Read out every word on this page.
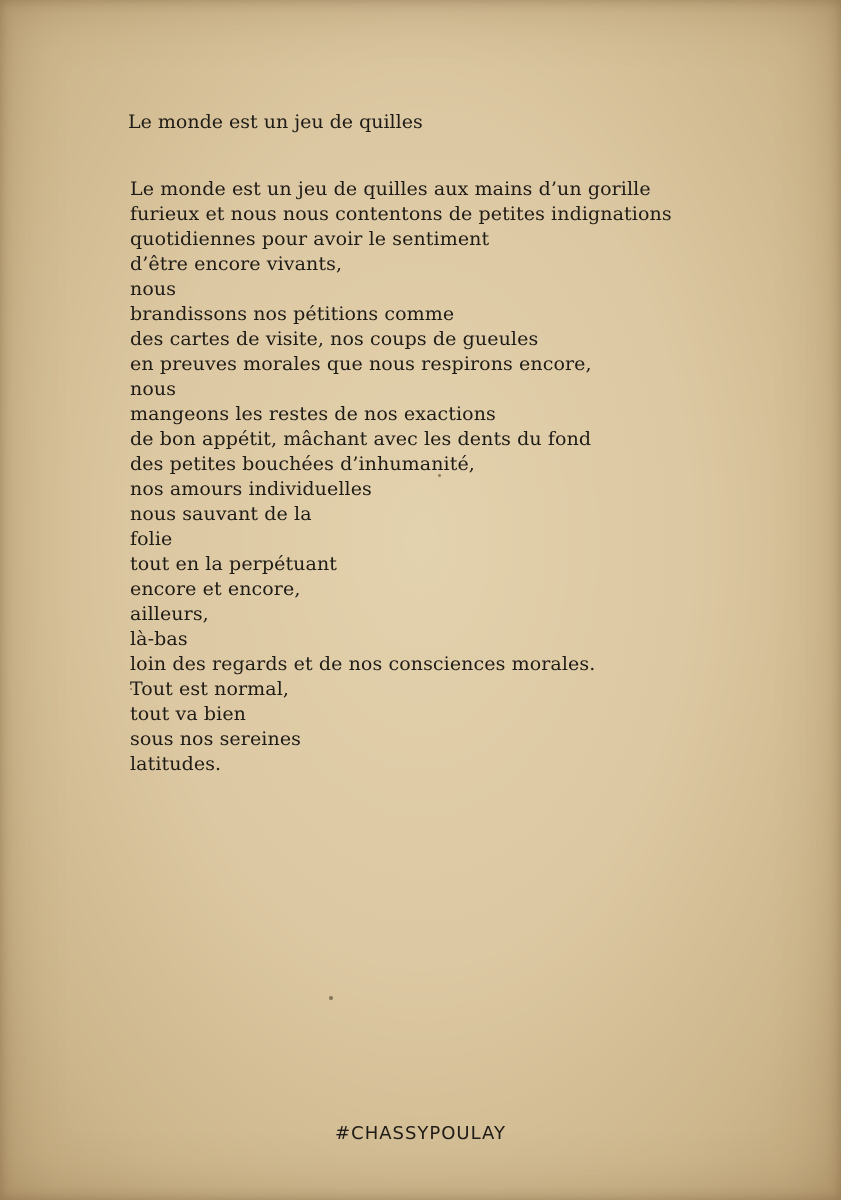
Le monde est un jeu de quilles
Le monde est un jeu de quilles aux mains d’un gorille
furieux et nous nous contentons de petites indignations
quotidiennes pour avoir le sentiment
d’être encore vivants,
nous
brandissons nos pétitions comme
des cartes de visite, nos coups de gueules
en preuves morales que nous respirons encore,
nous
mangeons les restes de nos exactions
de bon appétit, mâchant avec les dents du fond
des petites bouchées d’inhumanité,
nos amours individuelles
nous sauvant de la
folie
tout en la perpétuant
encore et encore,
ailleurs,
là-bas
loin des regards et de nos consciences morales.
Tout est normal,
tout va bien
sous nos sereines
latitudes.

#CHASSYPOULAY
